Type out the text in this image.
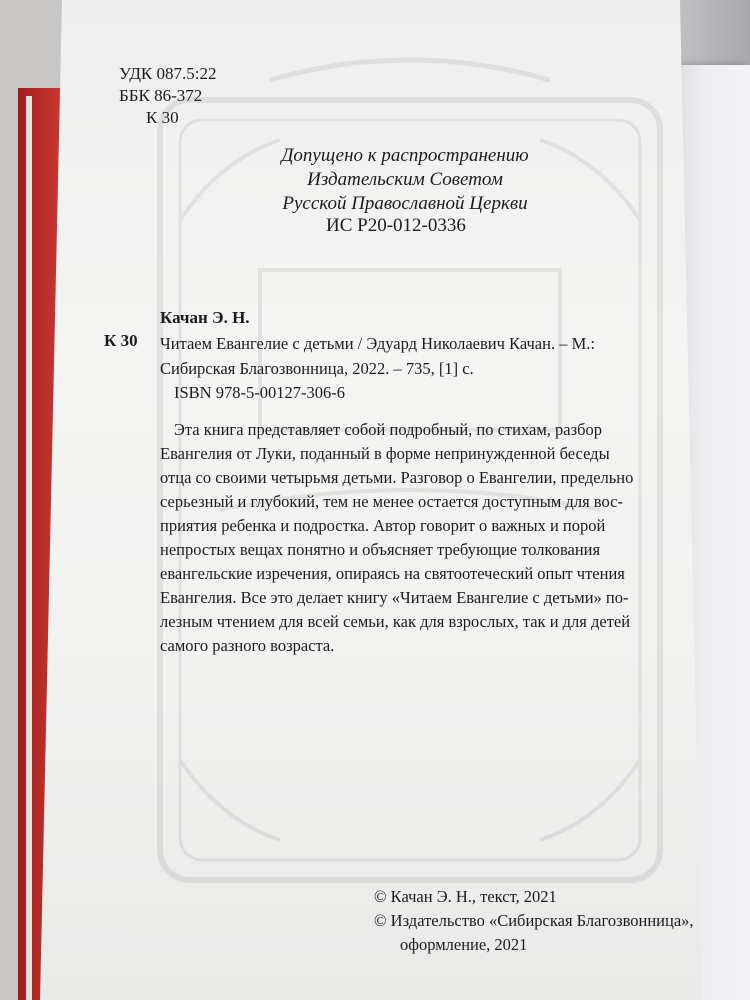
УДК 087.5:22
ББК 86-372
К 30
Допущено к распространению
Издательским Советом
Русской Православной Церкви
ИС Р20-012-0336
Качан Э. Н.
К 30 Читаем Евангелие с детьми / Эдуард Николаевич Качан. – М.:
Сибирская Благозвонница, 2022. – 735, [1] с.
ISBN 978-5-00127-306-6
Эта книга представляет собой подробный, по стихам, разбор
Евангелия от Луки, поданный в форме непринужденной беседы
отца со своими четырьмя детьми. Разговор о Евангелии, предельно
серьезный и глубокий, тем не менее остается доступным для вос-
приятия ребенка и подростка. Автор говорит о важных и порой
непростых вещах понятно и объясняет требующие толкования
евангельские изречения, опираясь на святоотеческий опыт чтения
Евангелия. Все это делает книгу «Читаем Евангелие с детьми» по-
лезным чтением для всей семьи, как для взрослых, так и для детей
самого разного возраста.
© Качан Э. Н., текст, 2021
© Издательство «Сибирская Благозвонница»,
оформление, 2021
